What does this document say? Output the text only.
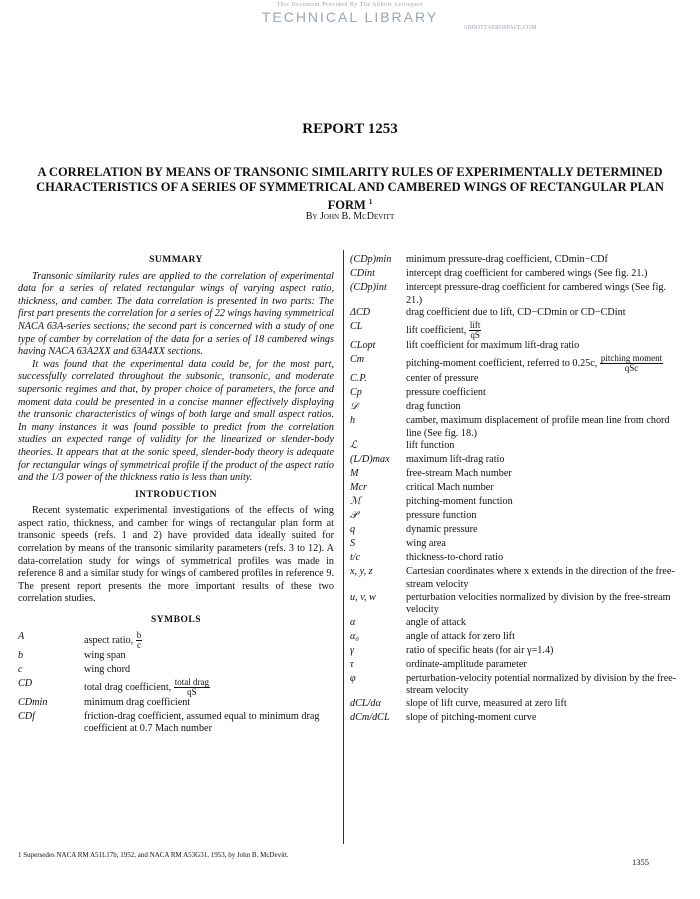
This Document Provided By The Abbott Aerospace
TECHNICAL LIBRARY
ABBOTTAEROSPACE.COM
REPORT 1253
A CORRELATION BY MEANS OF TRANSONIC SIMILARITY RULES OF EXPERIMENTALLY DETERMINED CHARACTERISTICS OF A SERIES OF SYMMETRICAL AND CAMBERED WINGS OF RECTANGULAR PLAN FORM $^1$
By John B. McDevitt
SUMMARY

Transonic similarity rules are applied to the correlation of experimental data for a series of related rectangular wings of varying aspect ratio, thickness, and camber. The data correlation is presented in two parts: The first part presents the correlation for a series of 22 wings having symmetrical NACA 63A-series sections; the second part is concerned with a study of one type of camber by correlation of the data for a series of 18 cambered wings having NACA 63A2XX and 63A4XX sections.

It was found that the experimental data could be, for the most part, successfully correlated throughout the subsonic, transonic, and moderate supersonic regimes and that, by proper choice of parameters, the force and moment data could be presented in a concise manner effectively displaying the transonic characteristics of wings of both large and small aspect ratios. In many instances it was found possible to predict from the correlation studies an expected range of validity for the linearized or slender-body theories. It appears that at the sonic speed, slender-body theory is adequate for rectangular wings of symmetrical profile if the product of the aspect ratio and the 1/3 power of the thickness ratio is less than unity.

INTRODUCTION

Recent systematic experimental investigations of the effects of wing aspect ratio, thickness, and camber for wings of rectangular plan form at transonic speeds (refs. 1 and 2) have provided data ideally suited for correlation by means of the transonic similarity parameters (refs. 3 to 12). A data-correlation study for wings of symmetrical profiles was made in reference 8 and a similar study for wings of cambered profiles in reference 9. The present report presents the more important results of these two correlation studies.

SYMBOLS
A	aspect ratio, $\frac{b}{c}$
b	wing span
c	wing chord
CD	total drag coefficient, $\frac{\text{total drag}}{qS}$
CDmin	minimum drag coefficient
CDf	friction-drag coefficient, assumed equal to minimum drag coefficient at 0.7 Mach number
(CDp)min	minimum pressure-drag coefficient, CDmin−CDf
CDint	intercept drag coefficient for cambered wings (See fig. 21.)
(CDp)int	intercept pressure-drag coefficient for cambered wings (See fig. 21.)
ΔCD	drag coefficient due to lift, CD−CDmin or CD−CDint
CL	lift coefficient, $\frac{\text{lift}}{qS}$
CLopt	lift coefficient for maximum lift-drag ratio
Cm	pitching-moment coefficient, referred to 0.25c, $\frac{\text{pitching moment}}{\text{qSc}}$
C.P.	center of pressure
Cp	pressure coefficient
𝒟	drag function
h	camber, maximum displacement of profile mean line from chord line (See fig. 18.)
ℒ	lift function
(L/D)max	maximum lift-drag ratio
M	free-stream Mach number
Mcr	critical Mach number
ℳ	pitching-moment function
𝒫	pressure function
q	dynamic pressure
S	wing area
t/c	thickness-to-chord ratio
x, y, z	Cartesian coordinates where x extends in the direction of the free-stream velocity
u, v, w	perturbation velocities normalized by division by the free-stream velocity
α	angle of attack
α₀	angle of attack for zero lift
γ	ratio of specific heats (for air γ=1.4)
τ	ordinate-amplitude parameter
φ	perturbation-velocity potential normalized by division by the free-stream velocity
dCL/dα	slope of lift curve, measured at zero lift
dCm/dCL	slope of pitching-moment curve
1 Supersedes NACA RM A51L17b, 1952, and NACA RM A53G31, 1953, by John B. McDevitt.
1355
